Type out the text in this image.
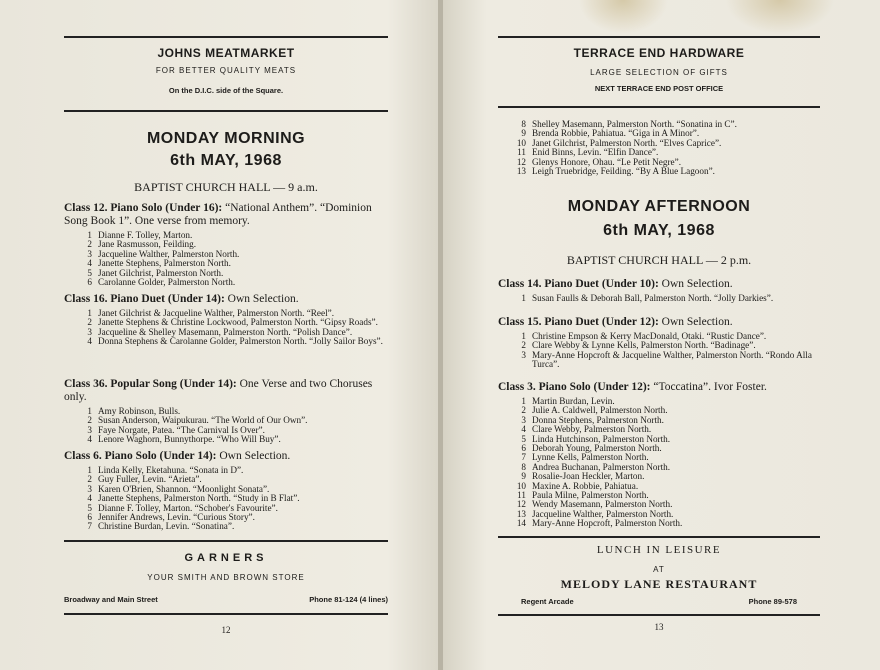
JOHNS MEATMARKET
FOR BETTER QUALITY MEATS
On the D.I.C. side of the Square.
MONDAY MORNING
6th MAY, 1968
BAPTIST CHURCH HALL — 9 a.m.
Class 12. Piano Solo (Under 16): “National Anthem”. “Dominion Song Book 1”. One verse from memory.
1 Dianne F. Tolley, Marton.
2 Jane Rasmusson, Feilding.
3 Jacqueline Walther, Palmerston North.
4 Janette Stephens, Palmerston North.
5 Janet Gilchrist, Palmerston North.
6 Carolanne Golder, Palmerston North.
Class 16. Piano Duet (Under 14): Own Selection.
1 Janet Gilchrist & Jacqueline Walther, Palmerston North. “Reel”.
2 Janette Stephens & Christine Lockwood, Palmerston North. “Gipsy Roads”.
3 Jacqueline & Shelley Masemann, Palmerston North. “Polish Dance”.
4 Donna Stephens & Carolanne Golder, Palmerston North. “Jolly Sailor Boys”.
Class 36. Popular Song (Under 14): One Verse and two Choruses only.
1 Amy Robinson, Bulls.
2 Susan Anderson, Waipukurau. “The World of Our Own”.
3 Faye Norgate, Patea. “The Carnival Is Over”.
4 Lenore Waghorn, Bunnythorpe. “Who Will Buy”.
Class 6. Piano Solo (Under 14): Own Selection.
1 Linda Kelly, Eketahuna. “Sonata in D”.
2 Guy Fuller, Levin. “Arieta”.
3 Karen O'Brien, Shannon. “Moonlight Sonata”.
4 Janette Stephens, Palmerston North. “Study in B Flat”.
5 Dianne F. Tolley, Marton. “Schober's Favourite”.
6 Jennifer Andrews, Levin. “Curious Story”.
7 Christine Burdan, Levin. “Sonatina”.
GARNERS
YOUR SMITH AND BROWN STORE
Broadway and Main Street	Phone 81-124 (4 lines)
12
TERRACE END HARDWARE
LARGE SELECTION OF GIFTS
NEXT TERRACE END POST OFFICE
8 Shelley Masemann, Palmerston North. “Sonatina in C”.
9 Brenda Robbie, Pahiatua. “Giga in A Minor”.
10 Janet Gilchrist, Palmerston North. “Elves Caprice”.
11 Enid Binns, Levin. “Elfin Dance”.
12 Glenys Honore, Ohau. “Le Petit Negre”.
13 Leigh Truebridge, Feilding. “By A Blue Lagoon”.
MONDAY AFTERNOON
6th MAY, 1968
BAPTIST CHURCH HALL — 2 p.m.
Class 14. Piano Duet (Under 10): Own Selection.
1 Susan Faulls & Deborah Ball, Palmerston North. “Jolly Darkies”.
Class 15. Piano Duet (Under 12): Own Selection.
1 Christine Empson & Kerry MacDonald, Otaki. “Rustic Dance”.
2 Clare Webby & Lynne Kells, Palmerston North. “Badinage”.
3 Mary-Anne Hopcroft & Jacqueline Walther, Palmerston North. “Rondo Alla Turca”.
Class 3. Piano Solo (Under 12): “Toccatina”. Ivor Foster.
1 Martin Burdan, Levin.
2 Julie A. Caldwell, Palmerston North.
3 Donna Stephens, Palmerston North.
4 Clare Webby, Palmerston North.
5 Linda Hutchinson, Palmerston North.
6 Deborah Young, Palmerston North.
7 Lynne Kells, Palmerston North.
8 Andrea Buchanan, Palmerston North.
9 Rosalie-Joan Heckler, Marton.
10 Maxine A. Robbie, Pahiatua.
11 Paula Milne, Palmerston North.
12 Wendy Masemann, Palmerston North.
13 Jacqueline Walther, Palmerston North.
14 Mary-Anne Hopcroft, Palmerston North.
LUNCH IN LEISURE
AT
MELODY LANE RESTAURANT
Regent Arcade	Phone 89-578
13
